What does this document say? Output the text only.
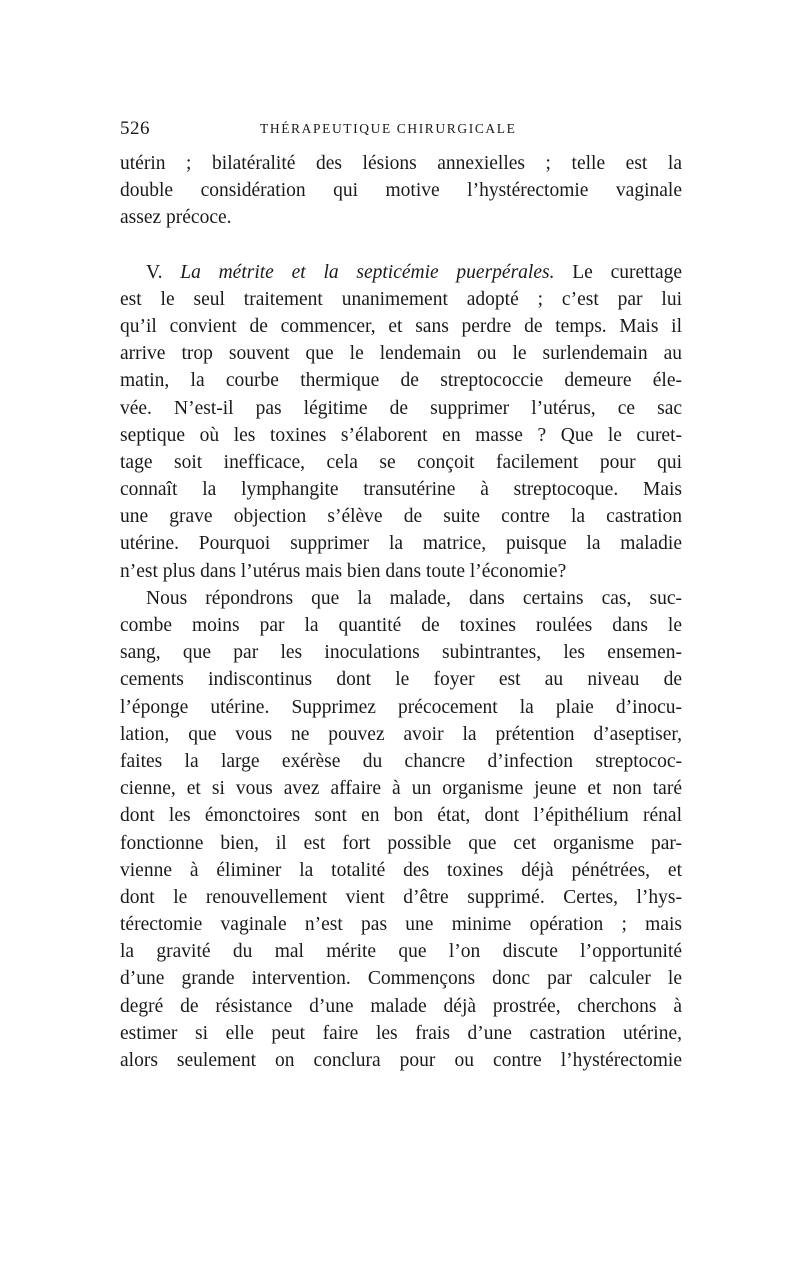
526	THÉRAPEUTIQUE CHIRURGICALE
utérin ; bilatéralité des lésions annexielles ; telle est la
double considération qui motive l’hystérectomie vaginale
assez précoce.
V. La métrite et la septicémie puerpérales. Le curettage
est le seul traitement unanimement adopté ; c’est par lui
qu’il convient de commencer, et sans perdre de temps. Mais il
arrive trop souvent que le lendemain ou le surlendemain au
matin, la courbe thermique de streptococcie demeure éle-
vée. N’est-il pas légitime de supprimer l’utérus, ce sac
septique où les toxines s’élaborent en masse ? Que le curet-
tage soit inefficace, cela se conçoit facilement pour qui
connaît la lymphangite transutérine à streptocoque. Mais
une grave objection s’élève de suite contre la castration
utérine. Pourquoi supprimer la matrice, puisque la maladie
n’est plus dans l’utérus mais bien dans toute l’économie?
Nous répondrons que la malade, dans certains cas, suc-
combe moins par la quantité de toxines roulées dans le
sang, que par les inoculations subintrantes, les ensemen-
cements indiscontinus dont le foyer est au niveau de
l’éponge utérine. Supprimez précocement la plaie d’inocu-
lation, que vous ne pouvez avoir la prétention d’aseptiser,
faites la large exérèse du chancre d’infection streptococ-
cienne, et si vous avez affaire à un organisme jeune et non taré
dont les émonctoires sont en bon état, dont l’épithélium rénal
fonctionne bien, il est fort possible que cet organisme par-
vienne à éliminer la totalité des toxines déjà pénétrées, et
dont le renouvellement vient d’être supprimé. Certes, l’hys-
térectomie vaginale n’est pas une minime opération ; mais
la gravité du mal mérite que l’on discute l’opportunité
d’une grande intervention. Commençons donc par calculer le
degré de résistance d’une malade déjà prostrée, cherchons à
estimer si elle peut faire les frais d’une castration utérine,
alors seulement on conclura pour ou contre l’hystérectomie
